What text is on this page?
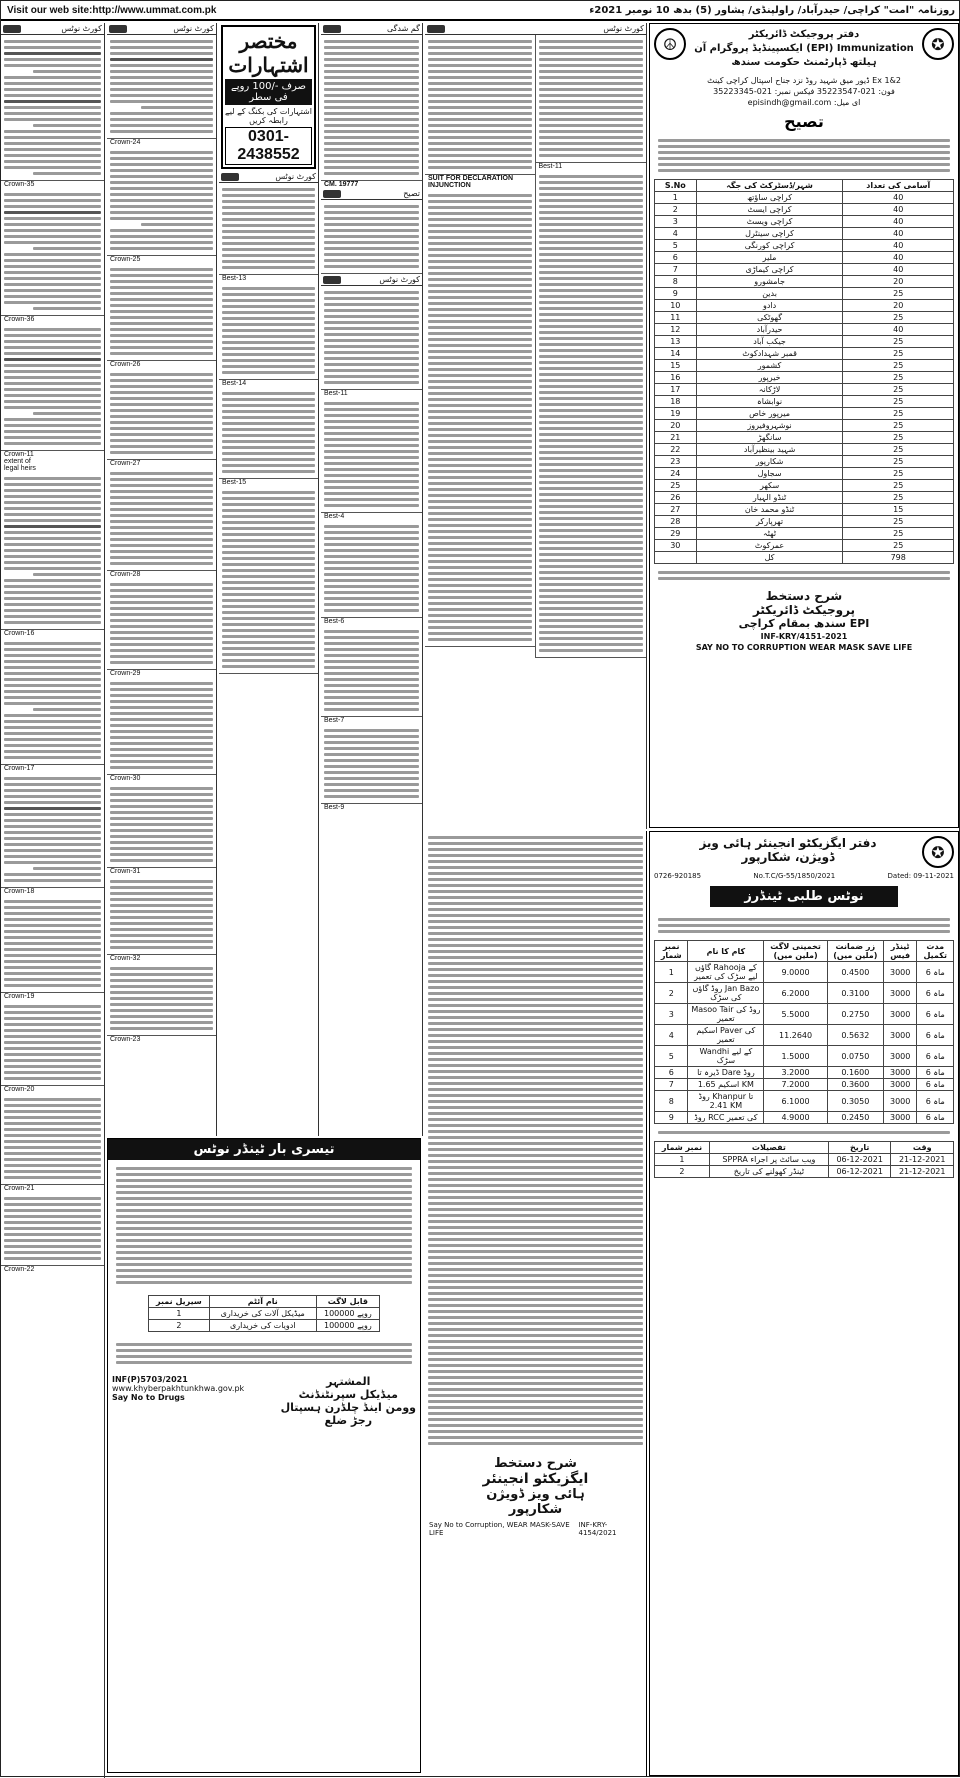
Visit our web site:http://www.ummat.com.pk	روزنامہ "امت" کراچی/ حیدرآباد/ راولپنڈی/ پشاور (5) بدھ 10 نومبر 2021ء
کورٹ نوٹس
Crown-35
Crown-36
Crown-11
extent of
legal heirs
Crown-16
Crown-17
Crown-18
Crown-19
Crown-20
Crown-21
Crown-22
کورٹ نوٹس
Crown-24
Crown-25
Crown-26
Crown-27
Crown-28
Crown-29
Crown-30
Crown-31
Crown-32
Crown-23
مختصر اشتہارات
صرف -/100 روپے فی سطر
اشتہارات کی بکنگ کے لیے رابطہ کریں
0301-2438552
کورٹ نوٹس
Best-13
Best-14
Best-15
گم شدگی
CM. 19777
تصیح
کورٹ نوٹس
Best-11
Best-4
Best-6
Best-7
Best-9
کورٹ نوٹس
SUIT FOR DECLARATION
INJUNCTION
Best-11
☮	دفتر پروجیکٹ ڈائریکٹر
ایکسپینڈیڈ پروگرام آن (EPI) Immunization
ہیلتھ ڈپارٹمنٹ حکومت سندھ
✪
Ex 1&2 ڈیور میق شہید روڈ نزد جناح اسپتال کراچی کینٹ
فون: 021-35223547 فیکس نمبر: 021-35223345
ای میل: episindh@gmail.com
تصیح
S.No	شہر/ڈسٹرکٹ کی جگہ	آسامی کی تعداد
1	کراچی ساؤتھ	40
2	کراچی ایسٹ	40
3	کراچی ویسٹ	40
4	کراچی سینٹرل	40
5	کراچی کورنگی	40
6	ملیر	40
7	کراچی کیماڑی	40
8	جامشورو	20
9	بدین	25
10	دادو	20
11	گھوٹکی	25
12	حیدرآباد	40
13	جیکب آباد	25
14	قمبر شہدادکوٹ	25
15	کشمور	25
16	خیرپور	25
17	لاڑکانہ	25
18	نوابشاہ	25
19	میرپور خاص	25
20	نوشہروفیروز	25
21	سانگھڑ	25
22	شہید بینظیرآباد	25
23	شکارپور	25
24	سجاول	25
25	سکھر	25
26	ٹنڈو الہیار	25
27	ٹنڈو محمد خان	15
28	تھرپارکر	25
29	ٹھٹہ	25
30	عمرکوٹ	25
	کل	798
شرح دستخط
پروجیکٹ ڈائریکٹر
سندھ بمقام کراچی EPI
INF-KRY/4151-2021
SAY NO TO CORRUPTION WEAR MASK SAVE LIFE
شرح دستخط
ایگزیکٹو انجینئر
ہائی ویز ڈویژن
شکارپور
Say No to Corruption, WEAR MASK-SAVE LIFE
INF-KRY-4154/2021
دفتر ایگزیکٹو انجینئر ہائی ویز
ڈویژن، شکارپور	✪
0726-920185	No.T.C/G-55/1850/2021	Dated: 09-11-2021
نوٹس طلبی ٹینڈرز
نمبر شمار	کام کا نام	تخمینی لاگت (ملین میں)	زر ضمانت (ملین میں)	ٹینڈر فیس	مدت تکمیل
1	گاؤں Rahooja کے لیے سڑک کی تعمیر	9.0000	0.4500	3000	6 ماہ
2	روڈ گاؤں Jan Bazo کی سڑک	6.2000	0.3100	3000	6 ماہ
3	Masoo Tair روڈ کی تعمیر	5.5000	0.2750	3000	6 ماہ
4	اسکیم Paver کی تعمیر	11.2640	0.5632	3000	6 ماہ
5	Wandhi کے لیے سڑک	1.5000	0.0750	3000	6 ماہ
6	ڈیرہ تا Dare روڈ	3.2000	0.1600	3000	6 ماہ
7	اسکیم 1.65 KM	7.2000	0.3600	3000	6 ماہ
8	روڈ Khanpur تا 2.41 KM	6.1000	0.3050	3000	6 ماہ
9	روڈ RCC کی تعمیر	4.9000	0.2450	3000	6 ماہ
نمبر شمار	تفصیلات	تاریخ	وقت
1	SPPRA ویب سائٹ پر اجراء	06-12-2021	21-12-2021
2	ٹینڈر کھولنے کی تاریخ	06-12-2021	21-12-2021
تیسری بار ٹینڈر نوٹس
سیریل نمبر	نام آئٹم	قابل لاگت
1	میڈیکل آلات کی خریداری	100000 روپے
2	ادویات کی خریداری	100000 روپے
INF(P)5703/2021
www.khyberpakhtunkhwa.gov.pk
Say No to Drugs
المشتہر
میڈیکل سپرنٹنڈنٹ
وومن اینڈ چلڈرن ہسپتال
رجڑ ضلع
